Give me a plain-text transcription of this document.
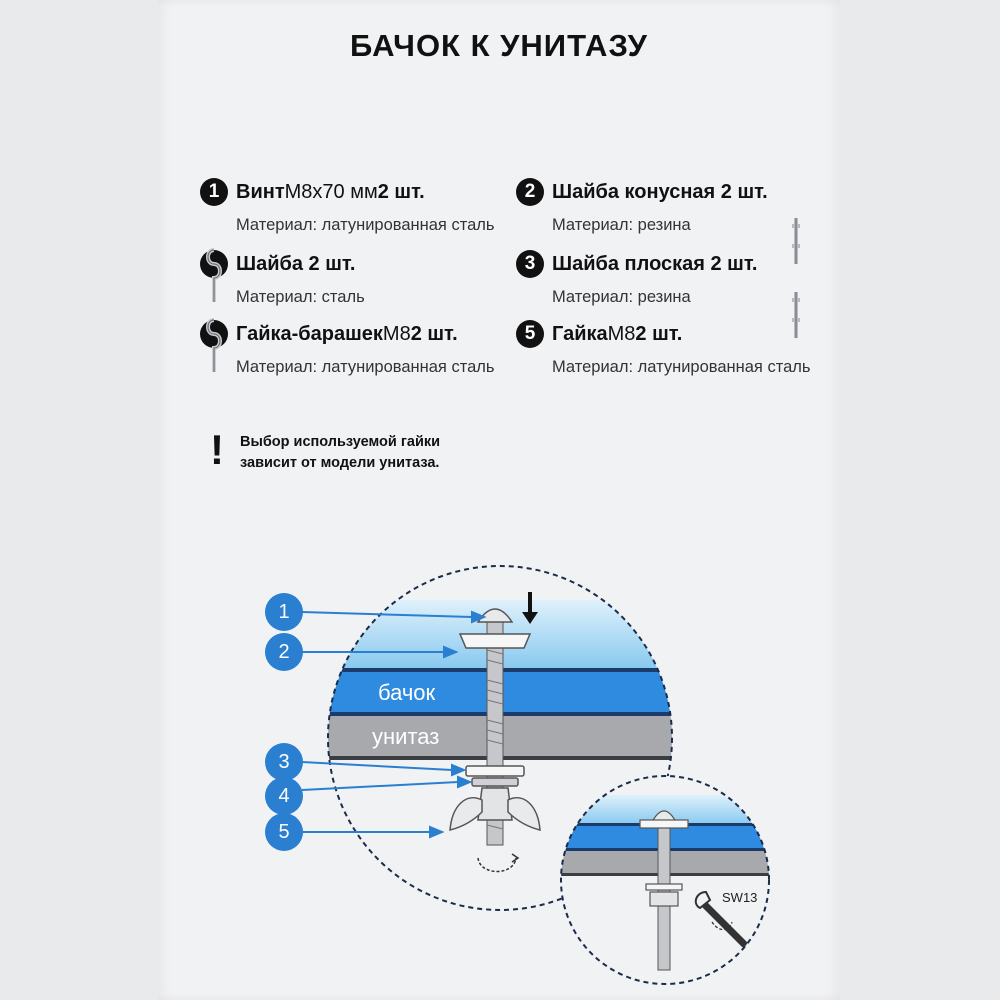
БАЧОК К УНИТАЗУ
1 Винт М8х70 мм 2 шт.
Материал: латунированная сталь
2 Шайба конусная 2 шт.
Материал: резина
Шайба 2 шт.
Материал: сталь
3 Шайба плоская 2 шт.
Материал: резина
Гайка-барашек М8 2 шт.
Материал: латунированная сталь
5 Гайка М8 2 шт.
Материал: латунированная сталь
! Выбор используемой гайки
зависит от модели унитаза.
SW13
бачок
унитаз
1
2
3
4
5
